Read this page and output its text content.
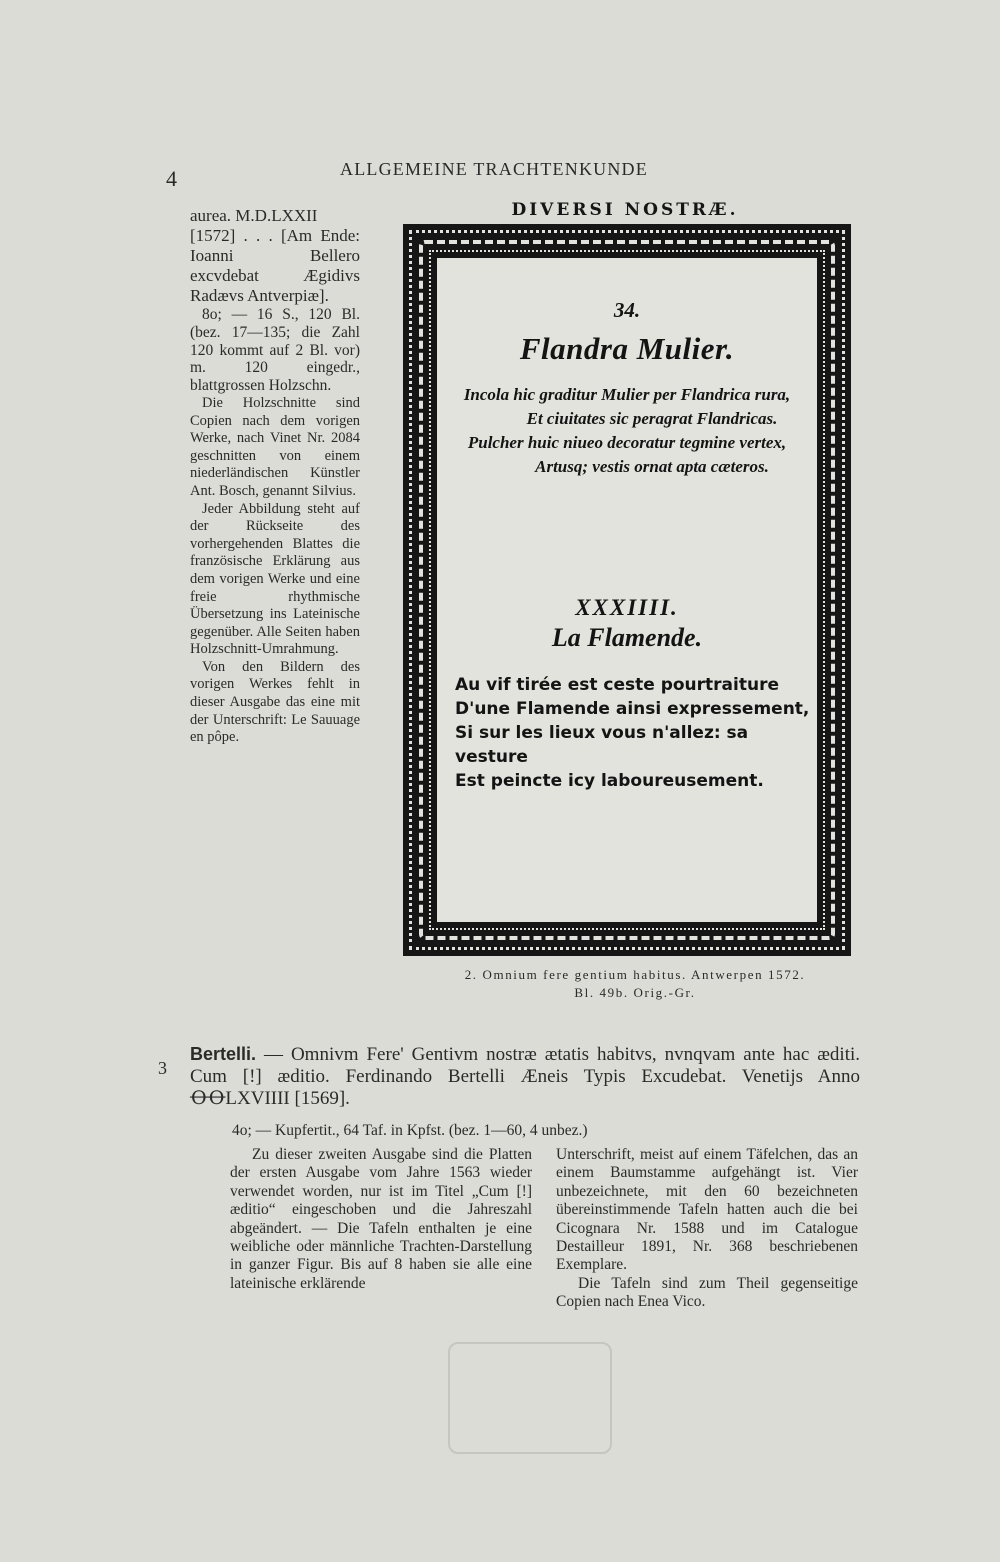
4	ALLGEMEINE TRACHTENKUNDE

aurea. M.D.LXXII

[1572] . . . [Am Ende: Ioanni Bellero excvdebat Ægidivs Radævs Antverpiæ].

8o; — 16 S., 120 Bl. (bez. 17—135; die Zahl 120 kommt auf 2 Bl. vor) m. 120 eingedr., blattgrossen Holzschn.

Die Holzschnitte sind Copien nach dem vorigen Werke, nach Vinet Nr. 2084 geschnitten von einem niederländischen Künstler Ant. Bosch, genannt Silvius.

Jeder Abbildung steht auf der Rückseite des vorhergehenden Blattes die französische Erklärung aus dem vorigen Werke und eine freie rhythmische Übersetzung ins Lateinische gegenüber. Alle Seiten haben Holzschnitt-Umrahmung.

Von den Bildern des vorigen Werkes fehlt in dieser Ausgabe das eine mit der Unterschrift: Le Sauuage en pôpe.

DIVERSI NOSTRÆ.
34.
Flandra Mulier.
Incola hic graditur Mulier per Flandrica rura,
Et ciuitates sic peragrat Flandricas.
Pulcher huic niueo decoratur tegmine vertex,
Artusq; vestis ornat apta cæteros.
XXXIIII.
La Flamende.
Au vif tirée est ceste pourtraiture
D'une Flamende ainsi expressement,
Si sur les lieux vous n'allez: sa vesture
Est peincte icy laboureusement.
2. Omnium fere gentium habitus. Antwerpen 1572.
Bl. 49b. Orig.-Gr.
3
Bertelli. — Omnivm Fere' Gentivm nostræ ætatis habitvs, nvnqvam ante hac æditi. Cum [!] æditio. Ferdinando Bertelli Æneis Typis Excudebat. Venetijs Anno ꝊꝊLXVIIII [1569].
4o; — Kupfertit., 64 Taf. in Kpfst. (bez. 1—60, 4 unbez.)

Zu dieser zweiten Ausgabe sind die Platten der ersten Ausgabe vom Jahre 1563 wieder verwendet worden, nur ist im Titel „Cum [!] æditio“ eingeschoben und die Jahreszahl abgeändert. — Die Tafeln enthalten je eine weibliche oder männliche Trachten-Darstellung in ganzer Figur. Bis auf 8 haben sie alle eine lateinische erklärende

Unterschrift, meist auf einem Täfelchen, das an einem Baumstamme aufgehängt ist. Vier unbezeichnete, mit den 60 bezeichneten übereinstimmende Tafeln hatten auch die bei Cicognara Nr. 1588 und im Catalogue Destailleur 1891, Nr. 368 beschriebenen Exemplare.

Die Tafeln sind zum Theil gegenseitige Copien nach Enea Vico.
